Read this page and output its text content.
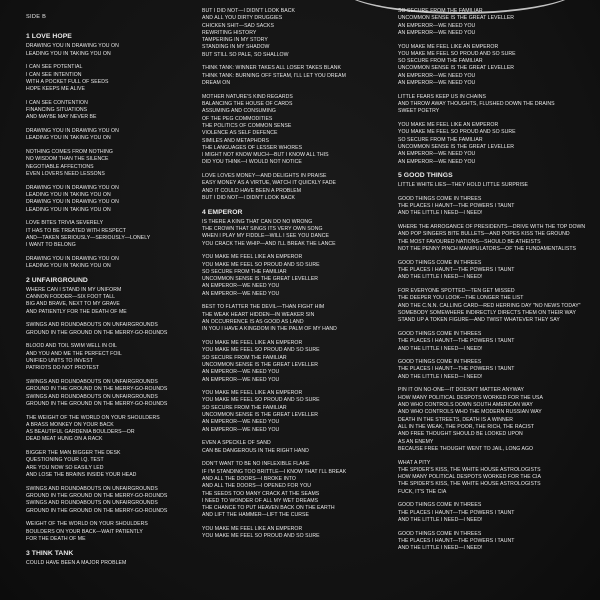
SIDE B
1 LOVE HOPE
DRAWING YOU IN DRAWING YOU ON
LEADING YOU IN TAKING YOU ON
I CAN SEE POTENTIAL
I CAN SEE INTENTION
WITH A POCKET FULL OF SEEDS
HOPE KEEPS ME ALIVE
I CAN SEE CONTENTION
FINANCING SITUATIONS
AND MAYBE MAY NEVER BE
DRAWING YOU IN DRAWING YOU ON
LEADING YOU IN TAKING YOU ON
NOTHING COMES FROM NOTHING
NO WISDOM THAN THE SILENCE
NEGOTIABLE AFFECTIONS
EVEN LOVERS NEED LESSONS
DRAWING YOU IN DRAWING YOU ON
LEADING YOU IN TAKING YOU ON
DRAWING YOU IN DRAWING YOU ON
LEADING YOU IN TAKING YOU ON
LOVE BITES TRIVIA SEVERELY
IT HAS TO BE TREATED WITH RESPECT
AND—TAKEN SERIOUSLY—SERIOUSLY—LONELY
I WANT TO BELONG
DRAWING YOU IN DRAWING YOU ON
LEADING YOU IN TAKING YOU ON
2 UNFAIRGROUND
WHERE CAN I STAND IN MY UNIFORM
CANNON FODDER—SIX FOOT TALL
BIG AND BRAVE, NEXT TO MY GRAVE
AND PATIENTLY FOR THE DEATH OF ME
SWINGS AND ROUNDABOUTS ON UNFAIRGROUNDS
GROUND IN THE GROUND ON THE MERRY-GO-ROUNDS
BLOOD AND TOIL SWIM WELL IN OIL
AND YOU AND ME THE PERFECT FOIL
UNIFIED UNITS TO INVEST
PATRIOTS DO NOT PROTEST
SWINGS AND ROUNDABOUTS ON UNFAIRGROUNDS
GROUND IN THE GROUND ON THE MERRY-GO-ROUNDS
SWINGS AND ROUNDABOUTS ON UNFAIRGROUNDS
GROUND IN THE GROUND ON THE MERRY-GO-ROUNDS
THE WEIGHT OF THE WORLD ON YOUR SHOULDERS
A BRASS MONKEY ON YOUR BACK
AS BEAUTIFUL GARDENIA BOULDERS—OR
DEAD MEAT HUNG ON A RACK
BIGGER THE MAN BIGGER THE DESK
QUESTIONING YOUR I.Q. TEST
ARE YOU NOW SO EASILY LED
AND LOSE THE BRAINS INSIDE YOUR HEAD
SWINGS AND ROUNDABOUTS ON UNFAIRGROUNDS
GROUND IN THE GROUND ON THE MERRY-GO-ROUNDS
SWINGS AND ROUNDABOUTS ON UNFAIRGROUNDS
GROUND IN THE GROUND ON THE MERRY-GO-ROUNDS
WEIGHT OF THE WORLD ON YOUR SHOULDERS
BOULDERS ON YOUR BACK—WAIT PATIENTLY
FOR THE DEATH OF ME
3 THINK TANK
COULD HAVE BEEN A MAJOR PROBLEM
BUT I DID NOT—I DIDN'T LOOK BACK
AND ALL YOU DIRTY DRUGGIES
CHICKEN SHIT—SAD SACKS
REWRITING HISTORY
TAMPERING IN MY STORY
STANDING IN MY SHADOW
BUT STILL SO PALE, SO SHALLOW
THINK TANK: WINNER TAKES ALL LOSER TAKES BLANK
THINK TANK: BURNING OFF STEAM, I'LL LET YOU DREAM
DREAM ON
MOTHER NATURE'S KIND REGARDS
BALANCING THE HOUSE OF CARDS
ASSUMING AND CONSUMING
OF THE PEG COMMODITIES
THE POLITICS OF COMMON SENSE
VIOLENCE AS SELF DEFENCE
SIMILES AND METAPHORS
THE LANGUAGES OF LESSER WHORES
I MIGHT NOT KNOW MUCH—BUT I KNOW ALL THIS
DID YOU THINK—I WOULD NOT NOTICE
LOVE LOVES MONEY—AND DELIGHTS IN PRAISE
EASY MONEY AS A VIRTUE, WATCH IT QUICKLY FADE
AND IT COULD HAVE BEEN A PROBLEM
BUT I DID NOT—I DIDN'T LOOK BACK
4 EMPEROR
IS THERE A KING THAT CAN DO NO WRONG
THE CROWN THAT SINGS ITS VERY OWN SONG
WHEN I PLAY MY FIDDLE—WILL I SEE YOU DANCE
YOU CRACK THE WHIP—AND I'LL BREAK THE LANCE
YOU MAKE ME FEEL LIKE AN EMPEROR
YOU MAKE ME FEEL SO PROUD AND SO SURE
SO SECURE FROM THE FAMILIAR
UNCOMMON SENSE IS THE GREAT LEVELLER
AN EMPEROR—WE NEED YOU
AN EMPEROR—WE NEED YOU
BEST TO FLATTER THE DEVIL—THAN FIGHT HIM
THE WEAK HEART HIDDEN—IN WEAKER SIN
AN OCCURRENCE IS AS GOOD AS LAND
IN YOU I HAVE A KINGDOM IN THE PALM OF MY HAND
YOU MAKE ME FEEL LIKE AN EMPEROR
YOU MAKE ME FEEL SO PROUD AND SO SURE
SO SECURE FROM THE FAMILIAR
UNCOMMON SENSE IS THE GREAT LEVELLER
AN EMPEROR—WE NEED YOU
AN EMPEROR—WE NEED YOU
YOU MAKE ME FEEL LIKE AN EMPEROR
YOU MAKE ME FEEL SO PROUD AND SO SURE
SO SECURE FROM THE FAMILIAR
UNCOMMON SENSE IS THE GREAT LEVELLER
AN EMPEROR—WE NEED YOU
AN EMPEROR—WE NEED YOU
EVEN A SPECKLE OF SAND
CAN BE DANGEROUS IN THE RIGHT HAND
DON'T WANT TO BE NO INFLEXIBLE FLAKE
IF I'M STANDING TOO BRITTLE—I KNOW THAT I'LL BREAK
AND ALL THE DOORS—I BROKE INTO
AND ALL THE DOORS—I OPENED FOR YOU
THE SEEDS TOO MANY CRACK AT THE SEAMS
I NEED TO WONDER OF ALL MY WET DREAMS
THE CHANCE TO PUT HEAVEN BACK ON THE EARTH
AND LIFT THE HAMMER—LIFT THE CURSE
YOU MAKE ME FEEL LIKE AN EMPEROR
YOU MAKE ME FEEL SO PROUD AND SO SURE
SO SECURE FROM THE FAMILIAR
UNCOMMON SENSE IS THE GREAT LEVELLER
AN EMPEROR—WE NEED YOU
AN EMPEROR—WE NEED YOU
YOU MAKE ME FEEL LIKE AN EMPEROR
YOU MAKE ME FEEL SO PROUD AND SO SURE
SO SECURE FROM THE FAMILIAR
UNCOMMON SENSE IS THE GREAT LEVELLER
AN EMPEROR—WE NEED YOU
AN EMPEROR—WE NEED YOU
LITTLE FEARS KEEP US IN CHAINS
AND THROW AWAY THOUGHTS, FLUSHED DOWN THE DRAINS
SWEET POETRY
YOU MAKE ME FEEL LIKE AN EMPEROR
YOU MAKE ME FEEL SO PROUD AND SO SURE
SO SECURE FROM THE FAMILIAR
UNCOMMON SENSE IS THE GREAT LEVELLER
AN EMPEROR—WE NEED YOU
AN EMPEROR—WE NEED YOU
5 GOOD THINGS
LITTLE WHITE LIES—THEY HOLD LITTLE SURPRISE
GOOD THINGS COME IN THREES
THE PLACES I HAUNT—THE POWERS I TAUNT
AND THE LITTLE I NEED—I NEED!
WHERE THE ARROGANCE OF PRESIDENTS—DRIVE WITH THE TOP DOWN
AND POP SINGERS BITE BULLETS—AND POPES KISS THE GROUND
THE MOST FAVOURED NATIONS—SHOULD BE ATHEISTS
NOT THE PENNY PINCH MANIPULATORS—OF THE FUNDAMENTALISTS
GOOD THINGS COME IN THREES
THE PLACES I HAUNT—THE POWERS I TAUNT
AND THE LITTLE I NEED—I NEED!
FOR EVERYONE SPOTTED—TEN GET MISSED
THE DEEPER YOU LOOK—THE LONGER THE LIST
AND THE C.N.N. CALLING CARD—RED HERRING DAY "NO NEWS TODAY"
SOMEBODY SOMEWHERE INDIRECTLY DIRECTS THEM ON THEIR WAY
STAND UP A TOKEN FIGURE—AND TWIST WHATEVER THEY SAY
GOOD THINGS COME IN THREES
THE PLACES I HAUNT—THE POWERS I TAUNT
AND THE LITTLE I NEED—I NEED!
GOOD THINGS COME IN THREES
THE PLACES I HAUNT—THE POWERS I TAUNT
AND THE LITTLE I NEED—I NEED!
PIN IT ON NO-ONE—IT DOESN'T MATTER ANYWAY
HOW MANY POLITICAL DESPOTS WORKED FOR THE USA
AND WHO CONTROLS DOWN SOUTH AMERICAN WAY
AND WHO CONTROLS WHO THE MODERN RUSSIAN WAY
DEATH IN THE STREETS, DEATH IS A WINNER
ALL IN THE WEAK, THE POOR, THE RICH, THE RACIST
AND FREE THOUGHT SHOULD BE LOOKED UPON
AS AN ENEMY
BECAUSE FREE THOUGHT WENT TO JAIL, LONG AGO
WHAT A PITY
THE SPIDER'S KISS, THE WHITE HOUSE ASTROLOGISTS
HOW MANY POLITICAL DESPOTS WORKED FOR THE CIA
THE SPIDER'S KISS, THE WHITE HOUSE ASTROLOGISTS
FUCK, IT'S THE CIA
GOOD THINGS COME IN THREES
THE PLACES I HAUNT—THE POWERS I TAUNT
AND THE LITTLE I NEED—I NEED!
GOOD THINGS COME IN THREES
THE PLACES I HAUNT—THE POWERS I TAUNT
AND THE LITTLE I NEED—I NEED!
